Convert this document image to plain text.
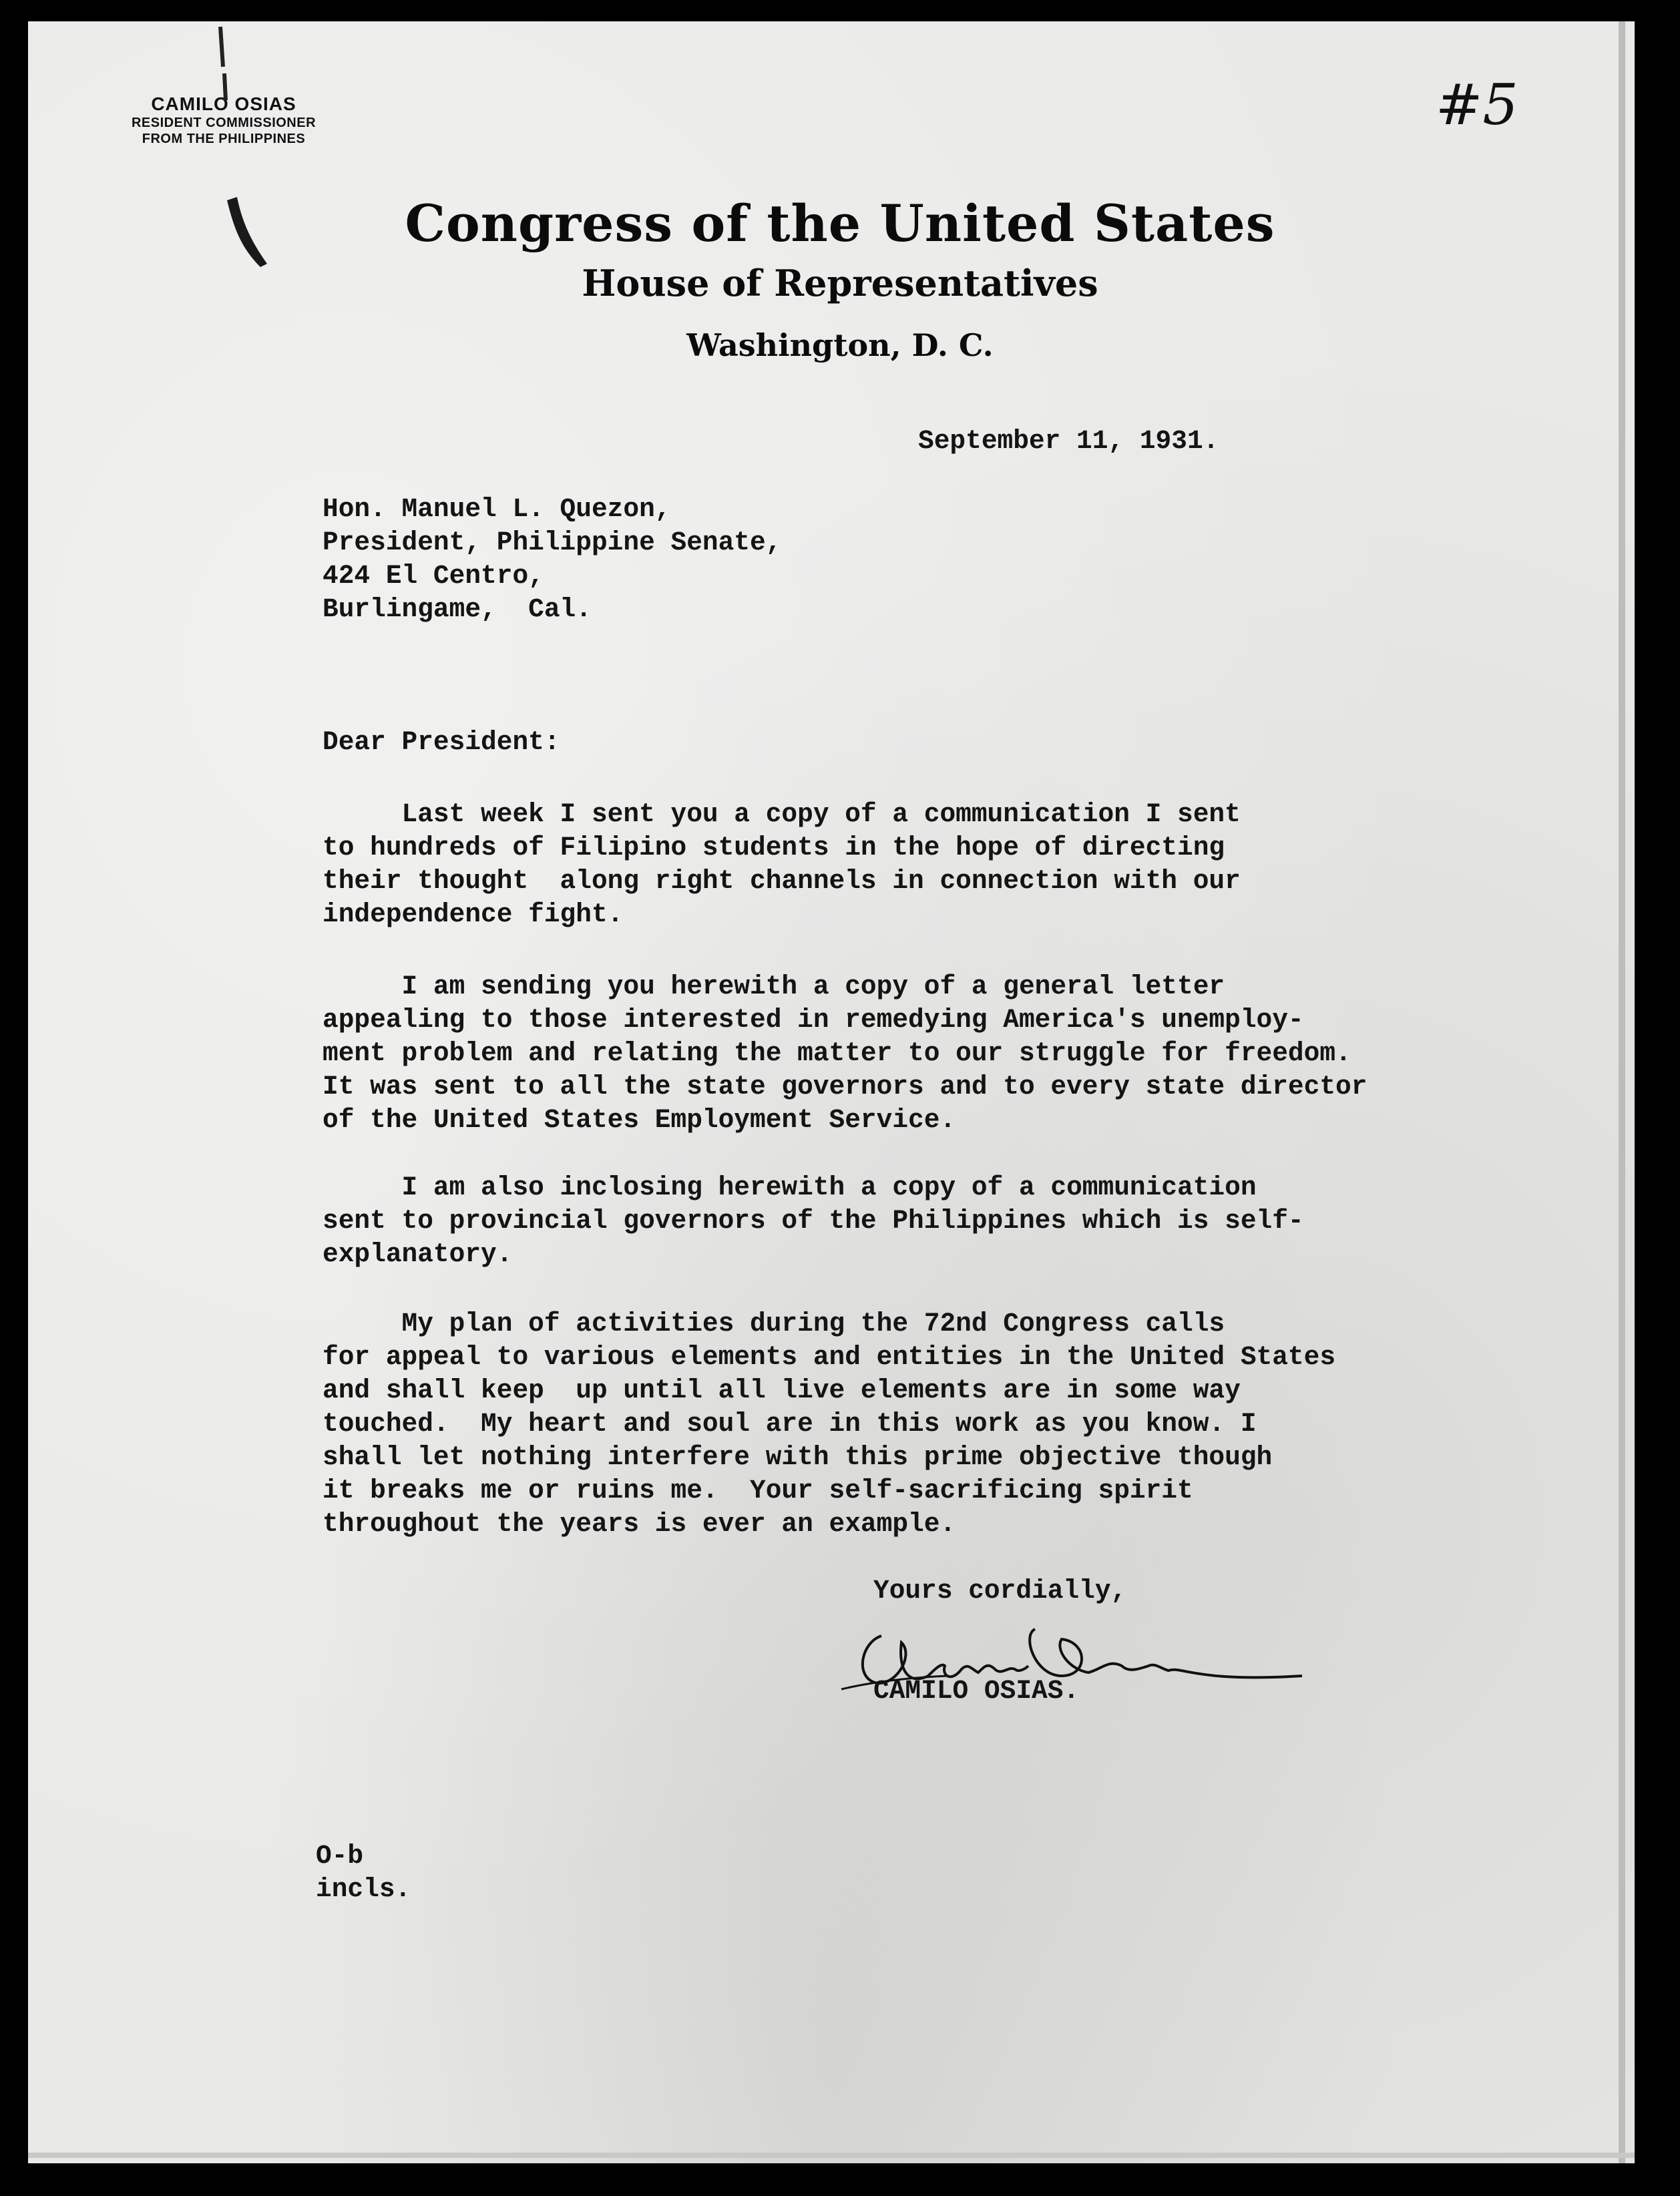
CAMILO OSIAS
RESIDENT COMMISSIONER
FROM THE PHILIPPINES
#5
Congress of the United States
House of Representatives
Washington, D. C.
September 11, 1931.
Hon. Manuel L. Quezon,
President, Philippine Senate,
424 El Centro,
Burlingame,  Cal.
Dear President:
Last week I sent you a copy of a communication I sent
to hundreds of Filipino students in the hope of directing
their thought  along right channels in connection with our
independence fight.
I am sending you herewith a copy of a general letter
appealing to those interested in remedying America's unemploy-
ment problem and relating the matter to our struggle for freedom.
It was sent to all the state governors and to every state director
of the United States Employment Service.
I am also inclosing herewith a copy of a communication
sent to provincial governors of the Philippines which is self-
explanatory.
My plan of activities during the 72nd Congress calls
for appeal to various elements and entities in the United States
and shall keep  up until all live elements are in some way
touched.  My heart and soul are in this work as you know. I
shall let nothing interfere with this prime objective though
it breaks me or ruins me.  Your self-sacrificing spirit
throughout the years is ever an example.
Yours cordially,
CAMILO OSIAS.
O-b
incls.
